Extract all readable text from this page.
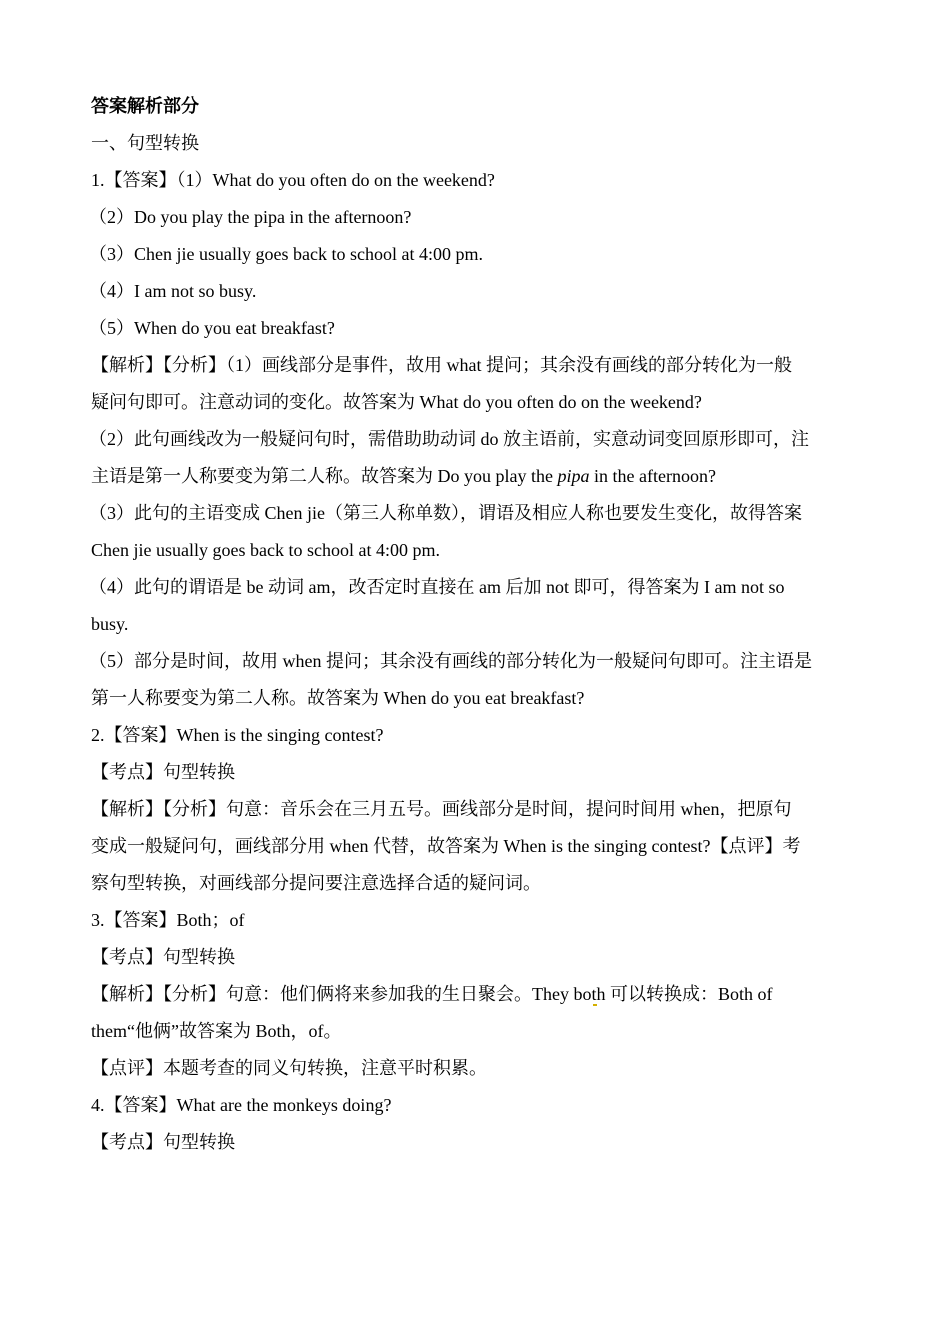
答案解析部分
一、句型转换
1.【答案】（1）What do you often do on the weekend?
（2）Do you play the pipa in the afternoon?
（3）Chen jie usually goes back to school at 4:00 pm.
（4）I am not so busy.
（5）When do you eat breakfast?
【解析】【分析】（1）画线部分是事件，故用 what 提问；其余没有画线的部分转化为一般
疑问句即可。注意动词的变化。故答案为 What do you often do on the weekend?
（2）此句画线改为一般疑问句时，需借助助动词 do 放主语前，实意动词变回原形即可，注
主语是第一人称要变为第二人称。故答案为 Do you play the pipa in the afternoon?
（3）此句的主语变成 Chen jie（第三人称单数），谓语及相应人称也要发生变化，故得答案
Chen jie usually goes back to school at 4:00 pm.
（4）此句的谓语是 be 动词 am，改否定时直接在 am 后加 not 即可，得答案为 I am not so
busy.
（5）部分是时间，故用 when 提问；其余没有画线的部分转化为一般疑问句即可。注主语是
第一人称要变为第二人称。故答案为 When do you eat breakfast?
2.【答案】When is the singing contest?
【考点】句型转换
【解析】【分析】句意：音乐会在三月五号。画线部分是时间，提问时间用 when，把原句
变成一般疑问句，画线部分用 when 代替，故答案为 When is the singing contest?【点评】考
察句型转换，对画线部分提问要注意选择合适的疑问词。
3.【答案】Both；of
【考点】句型转换
【解析】【分析】句意：他们俩将来参加我的生日聚会。They both 可以转换成：Both of
them“他俩”故答案为 Both，of。
【点评】本题考查的同义句转换，注意平时积累。
4.【答案】What are the monkeys doing?
【考点】句型转换
